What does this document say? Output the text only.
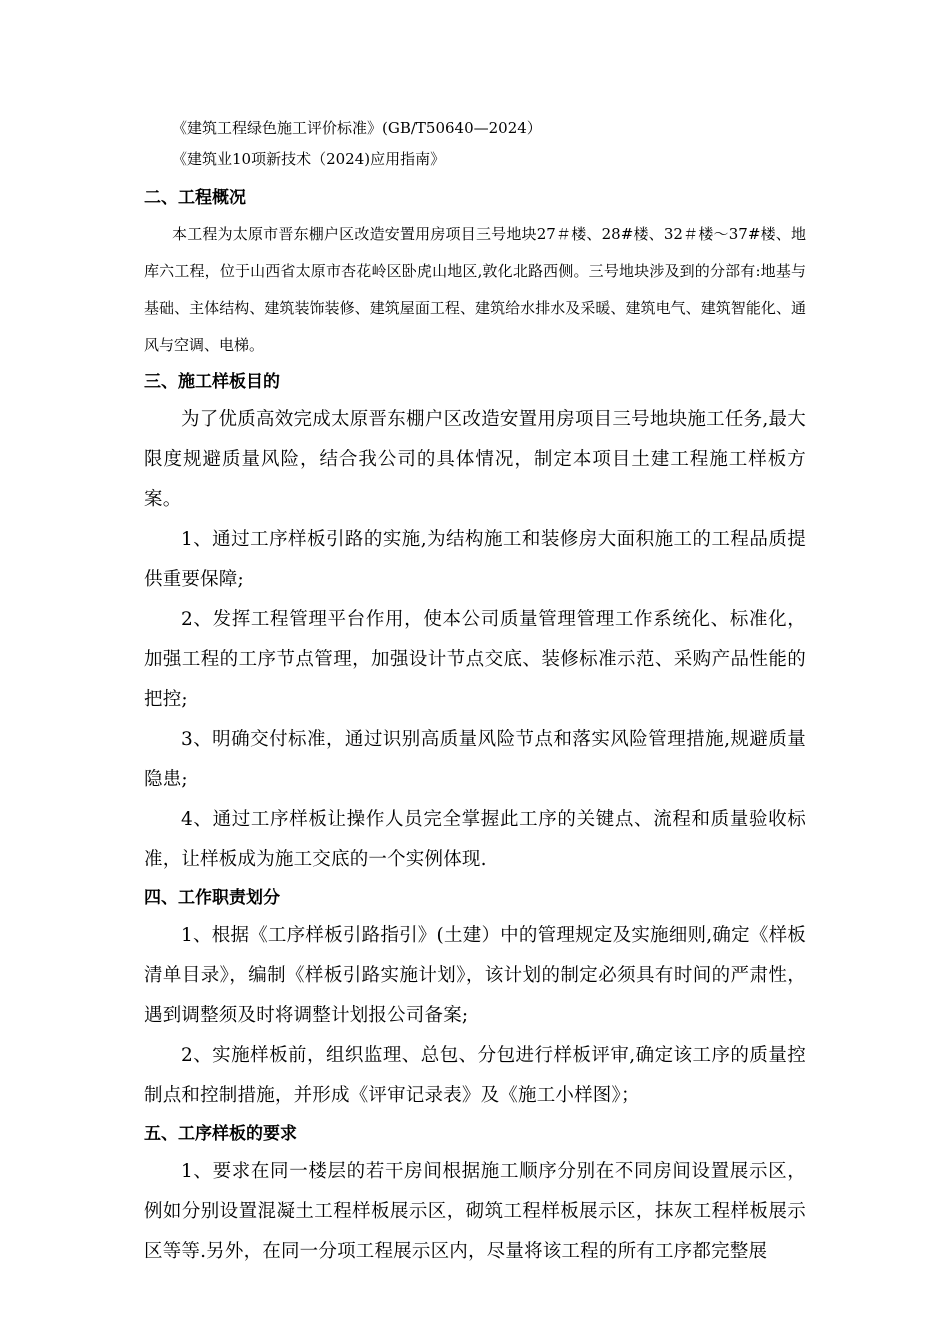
《建筑工程绿色施工评价标准》(GB/T50640—2024）

《建筑业10项新技术（2024)应用指南》

二、工程概况

本工程为太原市晋东棚户区改造安置用房项目三号地块27＃楼、28#楼、32＃楼～37#楼、地库六工程，位于山西省太原市杏花岭区卧虎山地区,敦化北路西侧。三号地块涉及到的分部有:地基与基础、主体结构、建筑装饰装修、建筑屋面工程、建筑给水排水及采暖、建筑电气、建筑智能化、通风与空调、电梯。

三、施工样板目的

为了优质高效完成太原晋东棚户区改造安置用房项目三号地块施工任务,最大限度规避质量风险，结合我公司的具体情况，制定本项目土建工程施工样板方案。

1、通过工序样板引路的实施,为结构施工和装修房大面积施工的工程品质提供重要保障;

2、发挥工程管理平台作用，使本公司质量管理管理工作系统化、标准化，加强工程的工序节点管理，加强设计节点交底、装修标准示范、采购产品性能的把控;

3、明确交付标准，通过识别高质量风险节点和落实风险管理措施,规避质量隐患;

4、通过工序样板让操作人员完全掌握此工序的关键点、流程和质量验收标准，让样板成为施工交底的一个实例体现.

四、工作职责划分

1、根据《工序样板引路指引》(土建）中的管理规定及实施细则,确定《样板清单目录》，编制《样板引路实施计划》，该计划的制定必须具有时间的严肃性，遇到调整须及时将调整计划报公司备案;

2、实施样板前，组织监理、总包、分包进行样板评审,确定该工序的质量控制点和控制措施，并形成《评审记录表》及《施工小样图》；

五、工序样板的要求

1、要求在同一楼层的若干房间根据施工顺序分别在不同房间设置展示区，例如分别设置混凝土工程样板展示区，砌筑工程样板展示区，抹灰工程样板展示区等等.另外，在同一分项工程展示区内，尽量将该工程的所有工序都完整展
